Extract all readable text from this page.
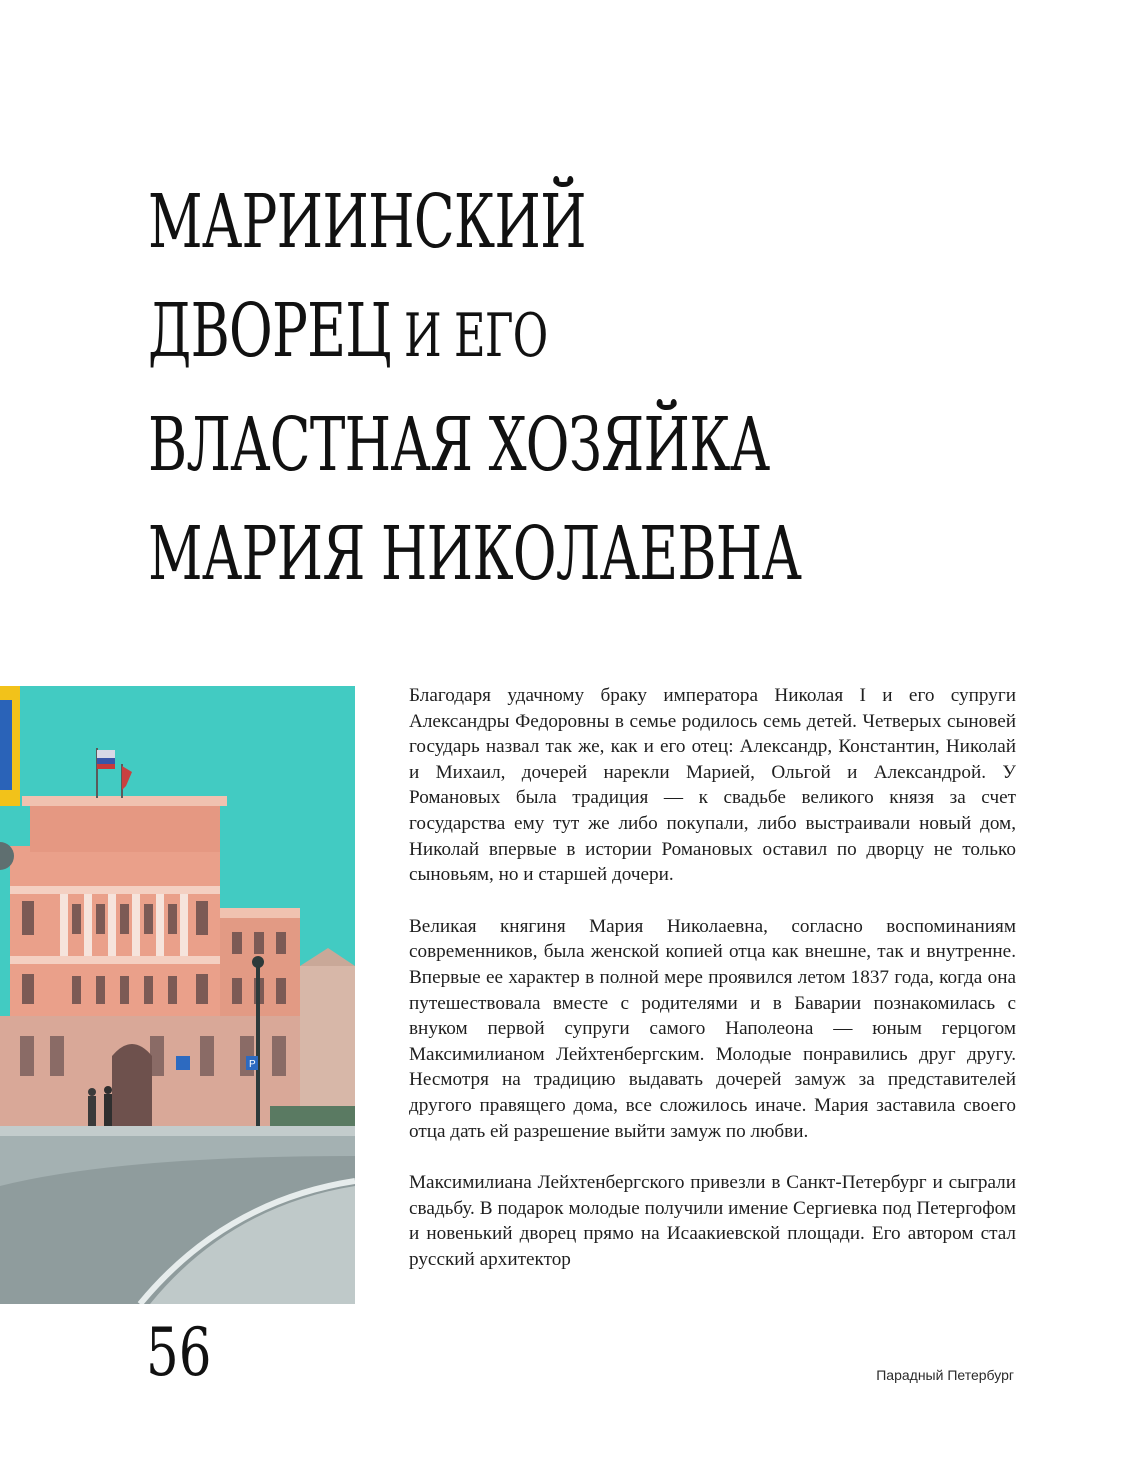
МАРИИНСКИЙ
ДВОРЕЦ И ЕГО
ВЛАСТНАЯ ХОЗЯЙКА
МАРИЯ НИКОЛАЕВНА
P

Благодаря удачному браку императора Николая I и его супруги Александры Федоровны в семье родилось семь детей. Четверых сыновей государь назвал так же, как и его отец: Александр, Константин, Николай и Михаил, дочерей нарекли Марией, Ольгой и Александрой. У Романовых была традиция — к свадьбе великого князя за счет государства ему тут же либо покупали, либо выстраивали новый дом, Николай впервые в истории Романовых оставил по дворцу не только сыновьям, но и старшей дочери.

Великая княгиня Мария Николаевна, согласно воспоминаниям современников, была женской копией отца как внешне, так и внутренне. Впервые ее характер в полной мере проявился летом 1837 года, когда она путешествовала вместе с родителями и в Баварии познакомилась с внуком первой супруги самого Наполеона — юным герцогом Максимилианом Лейхтенбергским. Молодые понравились друг другу. Несмотря на традицию выдавать дочерей замуж за представителей другого правящего дома, все сложилось иначе. Мария заставила своего отца дать ей разрешение выйти замуж по любви.

Максимилиана Лейхтенбергского привезли в Санкт-Петербург и сыграли свадьбу. В подарок молодые получили имение Сергиевка под Петергофом и новенький дворец прямо на Исаакиевской площади. Его автором стал русский архитектор

56	Парадный Петербург
